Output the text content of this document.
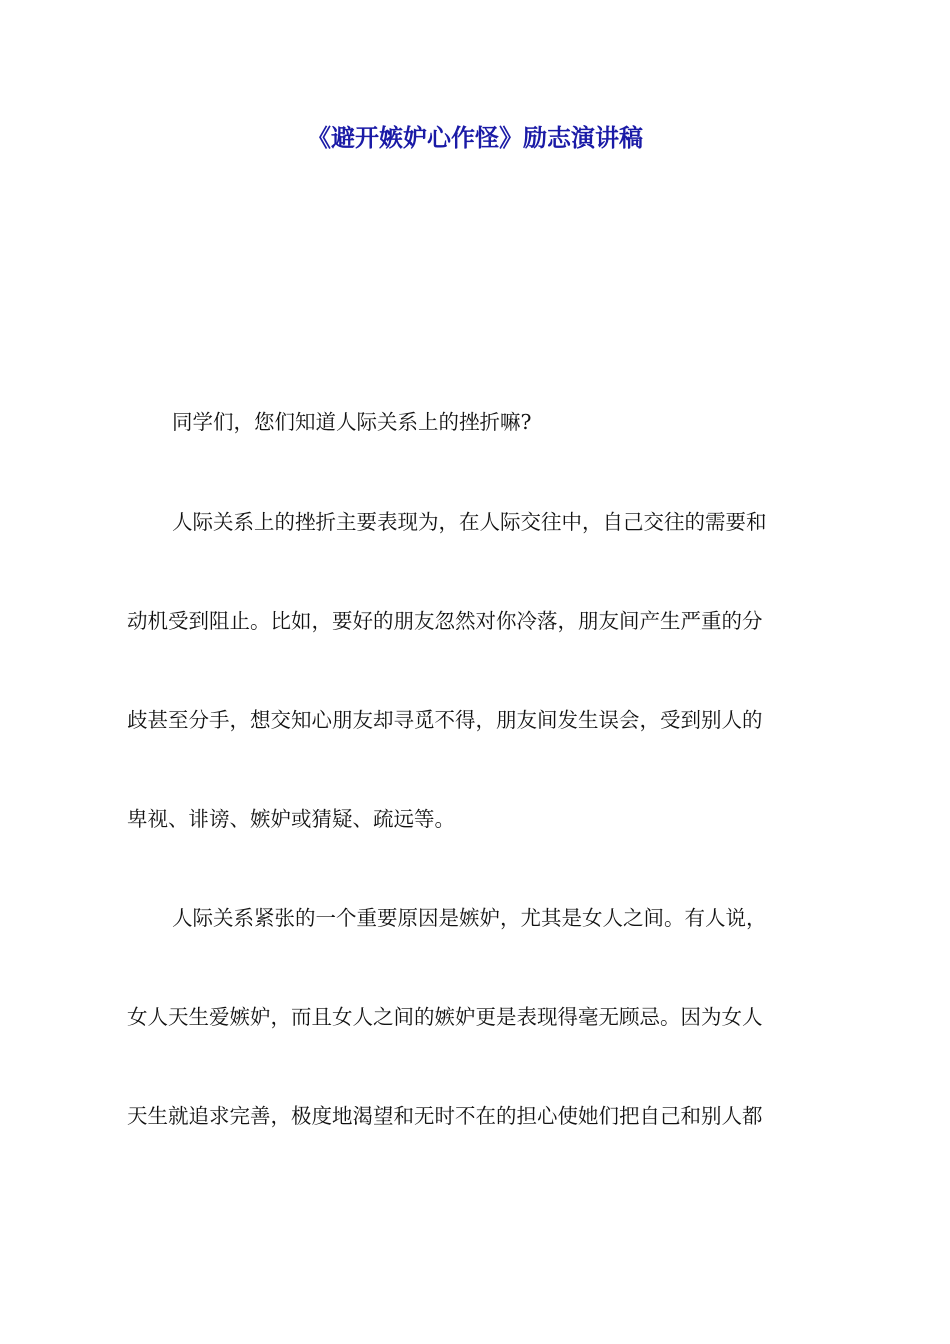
《避开嫉妒心作怪》励志演讲稿

同学们，您们知道人际关系上的挫折嘛?

人际关系上的挫折主要表现为，在人际交往中，自己交往的需要和

动机受到阻止。比如，要好的朋友忽然对你冷落，朋友间产生严重的分

歧甚至分手，想交知心朋友却寻觅不得，朋友间发生误会，受到别人的

卑视、诽谤、嫉妒或猜疑、疏远等。

人际关系紧张的一个重要原因是嫉妒，尤其是女人之间。有人说，

女人天生爱嫉妒，而且女人之间的嫉妒更是表现得毫无顾忌。因为女人

天生就追求完善，极度地渴望和无时不在的担心使她们把自己和别人都
